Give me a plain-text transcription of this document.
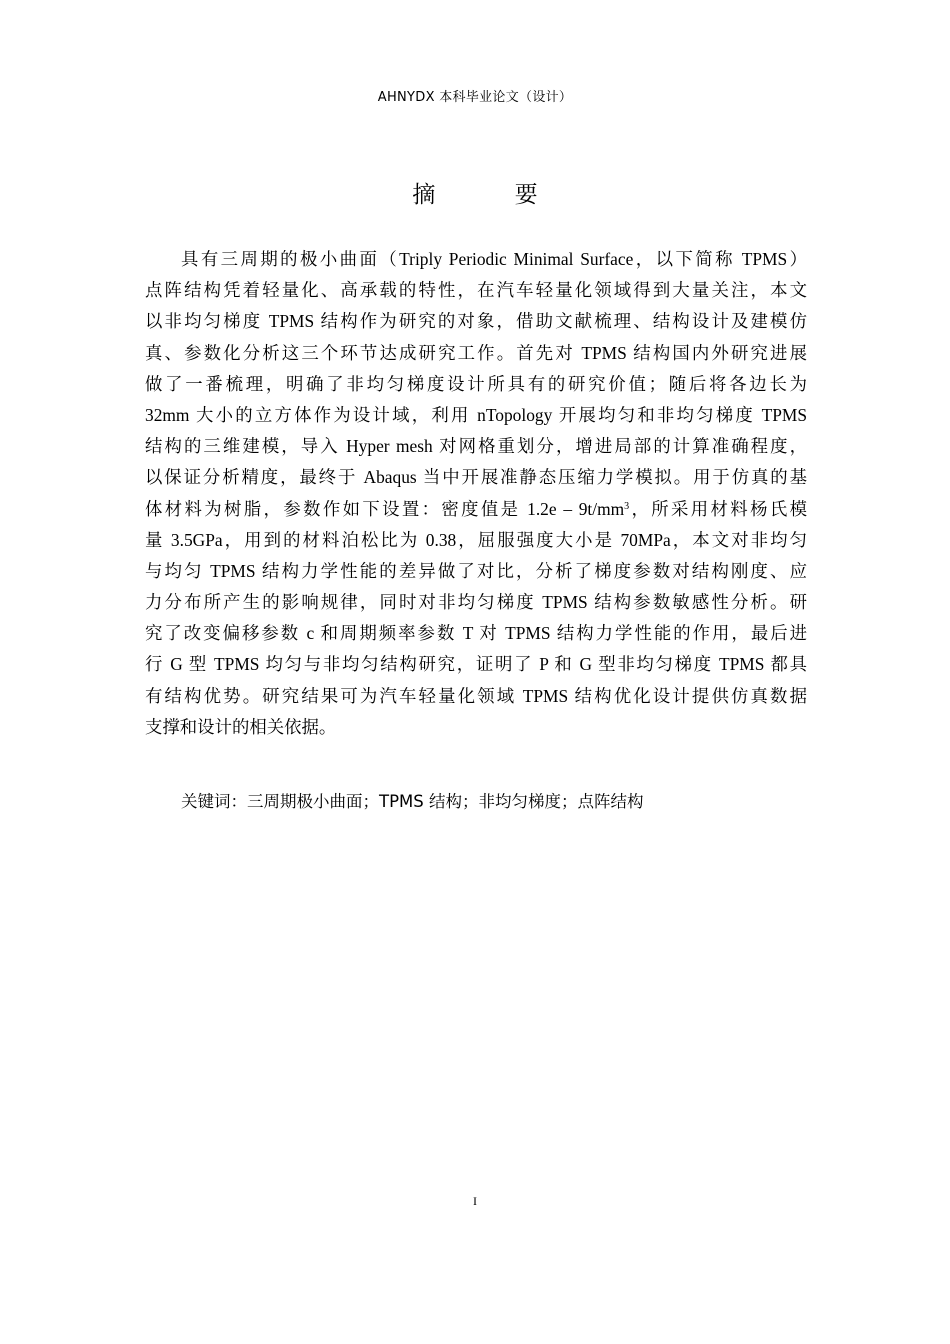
AHNYDX 本科毕业论文（设计）
摘 要
具有三周期的极小曲面（Triply Periodic Minimal Surface，以下简称 TPMS）
点阵结构凭着轻量化、高承载的特性，在汽车轻量化领域得到大量关注，本文
以非均匀梯度 TPMS 结构作为研究的对象，借助文献梳理、结构设计及建模仿
真、参数化分析这三个环节达成研究工作。首先对 TPMS 结构国内外研究进展
做了一番梳理，明确了非均匀梯度设计所具有的研究价值；随后将各边长为
32mm 大小的立方体作为设计域，利用 nTopology 开展均匀和非均匀梯度 TPMS
结构的三维建模，导入 Hyper mesh 对网格重划分，增进局部的计算准确程度，
以保证分析精度，最终于 Abaqus 当中开展准静态压缩力学模拟。用于仿真的基
体材料为树脂，参数作如下设置：密度值是 $1.2e - 9t/mm^3$，所采用材料杨氏模
量 3.5GPa，用到的材料泊松比为 0.38，屈服强度大小是 70MPa，本文对非均匀
与均匀 TPMS 结构力学性能的差异做了对比，分析了梯度参数对结构刚度、应
力分布所产生的影响规律，同时对非均匀梯度 TPMS 结构参数敏感性分析。研
究了改变偏移参数 c 和周期频率参数 T 对 TPMS 结构力学性能的作用，最后进
行 G 型 TPMS 均匀与非均匀结构研究，证明了 P 和 G 型非均匀梯度 TPMS 都具
有结构优势。研究结果可为汽车轻量化领域 TPMS 结构优化设计提供仿真数据
支撑和设计的相关依据。
关键词：三周期极小曲面；TPMS 结构；非均匀梯度；点阵结构
I
